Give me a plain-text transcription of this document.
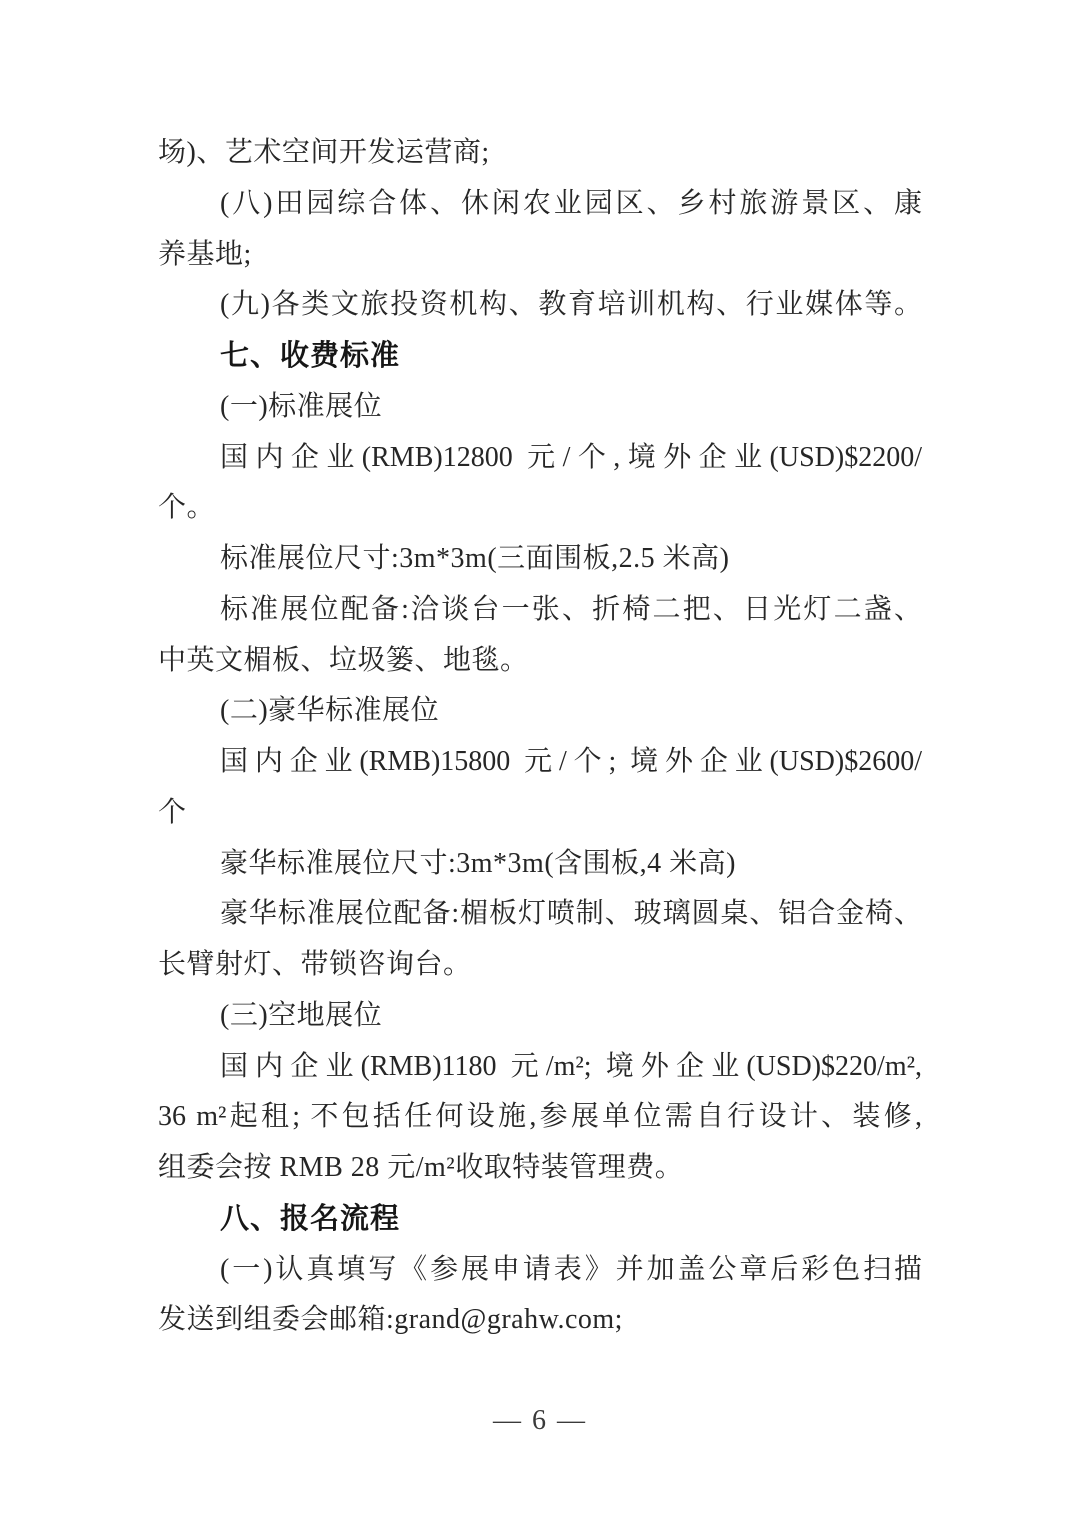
场)、艺术空间开发运营商;
(八)田园综合体、休闲农业园区、乡村旅游景区、康
养基地;
(九)各类文旅投资机构、教育培训机构、行业媒体等。
七、收费标准
(一)标准展位
国内企业(RMB)12800 元/个,境外企业(USD)$2200/
个。
标准展位尺寸:3m*3m(三面围板,2.5 米高)
标准展位配备:洽谈台一张、折椅二把、日光灯二盏、
中英文楣板、垃圾篓、地毯。
(二)豪华标准展位
国内企业(RMB)15800 元/个; 境外企业(USD)$2600/
个
豪华标准展位尺寸:3m*3m(含围板,4 米高)
豪华标准展位配备:楣板灯喷制、玻璃圆桌、铝合金椅、
长臂射灯、带锁咨询台。
(三)空地展位
国内企业(RMB)1180 元/m²; 境外企业(USD)$220/m²,
36 m²起租; 不包括任何设施,参展单位需自行设计、装修,
组委会按 RMB 28 元/m²收取特装管理费。
八、报名流程
(一)认真填写《参展申请表》并加盖公章后彩色扫描
发送到组委会邮箱:grand@grahw.com;
— 6 —
